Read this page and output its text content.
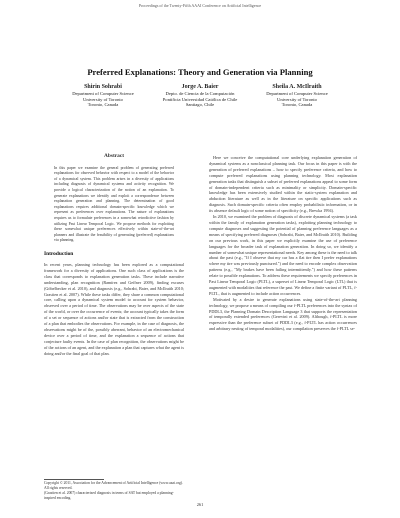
Proceedings of the Twenty-Fifth AAAI Conference on Artificial Intelligence
Preferred Explanations: Theory and Generation via Planning
Shirin Sohrabi
Department of Computer Science
University of Toronto
Toronto, Canada
Jorge A. Baier
Depto. de Ciencia de la Computación
Pontificia Universidad Católica de Chile
Santiago, Chile
Sheila A. McIlraith
Department of Computer Science
University of Toronto
Toronto, Canada
Abstract

In this paper we examine the general problem of generating preferred explanations for observed behavior with respect to a model of the behavior of a dynamical system. This problem arises in a diversity of applications including diagnosis of dynamical systems and activity recognition. We provide a logical characterization of the notion of an explanation. To generate explanations we identify and exploit a correspondence between explanation generation and planning. The determination of good explanations requires additional domain-specific knowledge which we represent as preferences over explanations. The nature of explanations requires us to formulate preferences in a somewhat retrodictive fashion by utilizing Past Linear Temporal Logic. We propose methods for exploiting these somewhat unique preferences effectively within state-of-the-art planners and illustrate the feasibility of generating (preferred) explanations via planning.

Introduction

In recent years, planning technology has been explored as a computational framework for a diversity of applications. One such class of applications is the class that corresponds to explanation generation tasks. These include narrative understanding, plan recognition (Ramírez and Geffner 2009), finding excuses (Göbelbecker et al. 2010), and diagnosis (e.g., Sohrabi, Baier, and McIlraith 2010; Grastien et al. 2007). While these tasks differ, they share a common computational core, calling upon a dynamical system model to account for system behavior, observed over a period of time. The observations may be over aspects of the state of the world, or over the occurrence of events; the account typically takes the form of a set or sequence of actions and/or state that is extracted from the construction of a plan that embodies the observations. For example, in the case of diagnosis, the observations might be of the, possibly aberrant, behavior of an electromechanical device over a period of time, and the explanation a sequence of actions that conjecture faulty events. In the case of plan recognition, the observations might be of the actions of an agent, and the explanation a plan that captures what the agent is doing and/or the final goal of that plan.

Copyright © 2011, Association for the Advancement of Artificial Intelligence (www.aaai.org). All rights reserved.
(Grastien et al. 2007) characterized diagnosis in terms of SAT but employed a planning-inspired encoding.

Here we conceive the computational core underlying explanation generation of dynamical systems as a nonclassical planning task. Our focus in this paper is with the generation of preferred explanations – how to specify preference criteria, and how to compute preferred explanations using planning technology. Most explanation generation tasks that distinguish a subset of preferred explanations appeal to some form of domain-independent criteria such as minimality or simplicity. Domain-specific knowledge has been extensively studied within the static-system explanation and abduction literature as well as in the literature on specific applications such as diagnosis. Such domain-specific criteria often employ probabilistic information, or in its absence default logic of some notion of specificity (e.g., Brewka 1994).

In 2010, we examined the problem of diagnosis of discrete dynamical systems (a task within the family of explanation generation tasks), exploiting planning technology to compute diagnoses and suggesting the potential of planning preference languages as a means of specifying preferred diagnoses (Sohrabi, Baier, and McIlraith 2010). Building on our previous work, in this paper we explicitly examine the use of preference languages for the broader task of explanation generation. In doing so, we identify a number of somewhat unique representational needs. Key among these is the need to talk about the past (e.g., "If I observe that my car has a flat tire then I prefer explanations where my tire was previously punctured.") and the need to encode complex observation patterns (e.g., "My brakes have been failing intermittently.") and how these patterns relate to possible explanations. To address these requirements we specify preferences in Past Linear Temporal Logic (PLTL), a superset of Linear Temporal Logic (LTL) that is augmented with modalities that reference the past. We define a finite variant of PLTL, f-PLTL, that is augmented to include action occurrences.

Motivated by a desire to generate explanations using state-of-the-art planning technology, we propose a means of compiling our f-PLTL preferences into the syntax of PDDL3, the Planning Domain Description Language 3 that supports the representation of temporally extended preferences (Gerevini et al. 2009). Although, f-PLTL is more expressive than the preference subset of PDDL3 (e.g., f-PLTL has action occurrences and arbitrary nesting of temporal modalities), our compilation preserves the f-PLTL se-

261
